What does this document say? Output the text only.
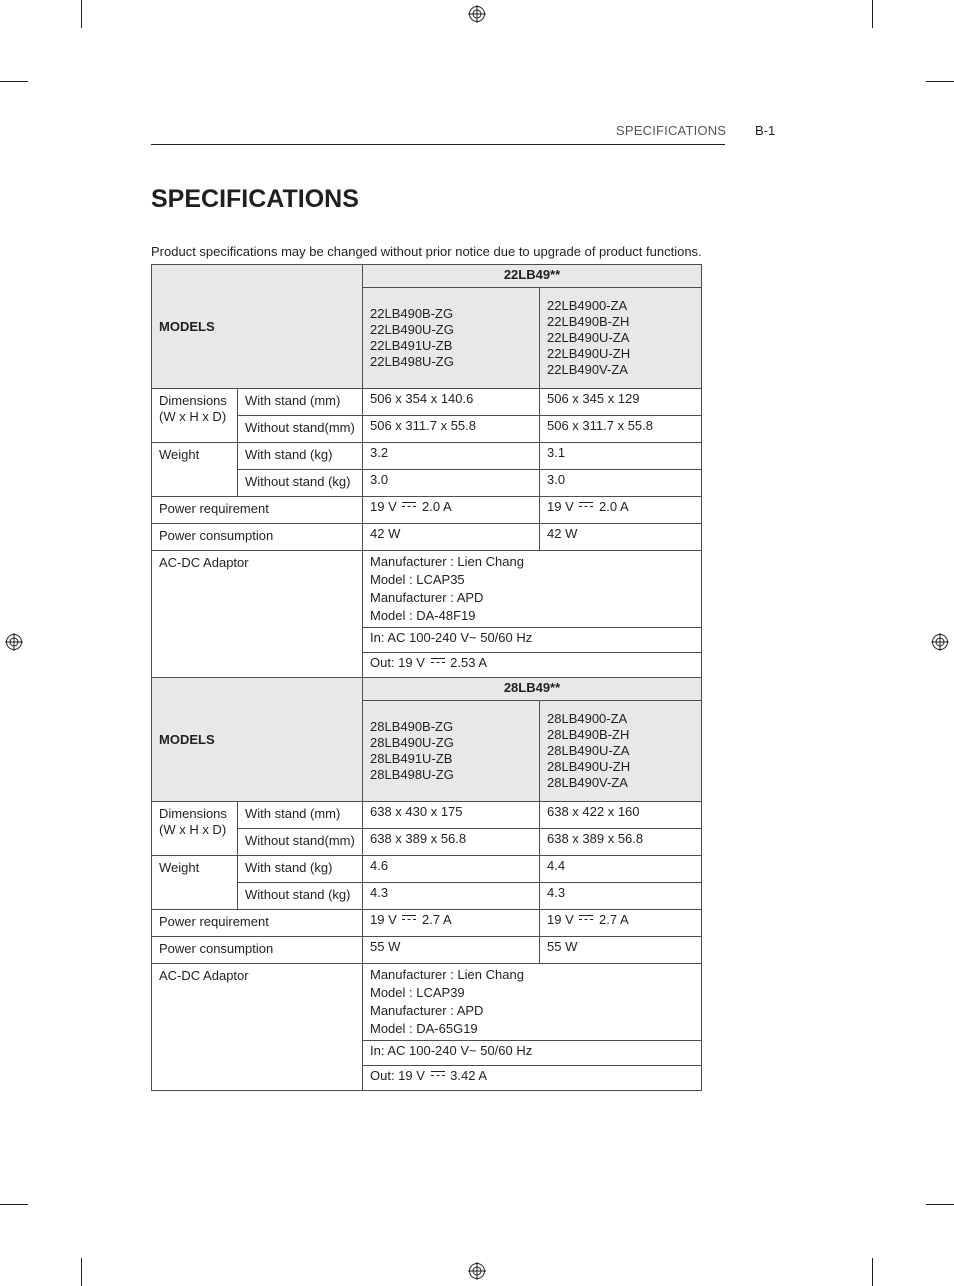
SPECIFICATIONS B-1
SPECIFICATIONS

Product specifications may be changed without prior notice due to upgrade of product functions.

MODELS		22LB49**	
		22LB490B-ZG
22LB490U-ZG
22LB491U-ZB
22LB498U-ZG	22LB4900-ZA
22LB490B-ZH
22LB490U-ZA
22LB490U-ZH
22LB490V-ZA
Dimensions
(W x H x D)	With stand (mm)	506 x 354 x 140.6	506 x 345 x 129
	Without stand(mm)	506 x 311.7 x 55.8	506 x 311.7 x 55.8
Weight	With stand (kg)	3.2	3.1
	Without stand (kg)	3.0	3.0
Power requirement		19 V 2.0 A	19 V 2.0 A
Power consumption		42 W	42 W
AC-DC Adaptor		Manufacturer : Lien Chang
Model : LCAP35
Manufacturer : APD
Model : DA-48F19	
		In: AC 100-240 V~ 50/60 Hz	
		Out: 19 V 2.53 A	
MODELS		28LB49**	
		28LB490B-ZG
28LB490U-ZG
28LB491U-ZB
28LB498U-ZG	28LB4900-ZA
28LB490B-ZH
28LB490U-ZA
28LB490U-ZH
28LB490V-ZA
Dimensions
(W x H x D)	With stand (mm)	638 x 430 x 175	638 x 422 x 160
	Without stand(mm)	638 x 389 x 56.8	638 x 389 x 56.8
Weight	With stand (kg)	4.6	4.4
	Without stand (kg)	4.3	4.3
Power requirement		19 V 2.7 A	19 V 2.7 A
Power consumption		55 W	55 W
AC-DC Adaptor		Manufacturer : Lien Chang
Model : LCAP39
Manufacturer : APD
Model : DA-65G19	
		In: AC 100-240 V~ 50/60 Hz	
		Out: 19 V 3.42 A	
